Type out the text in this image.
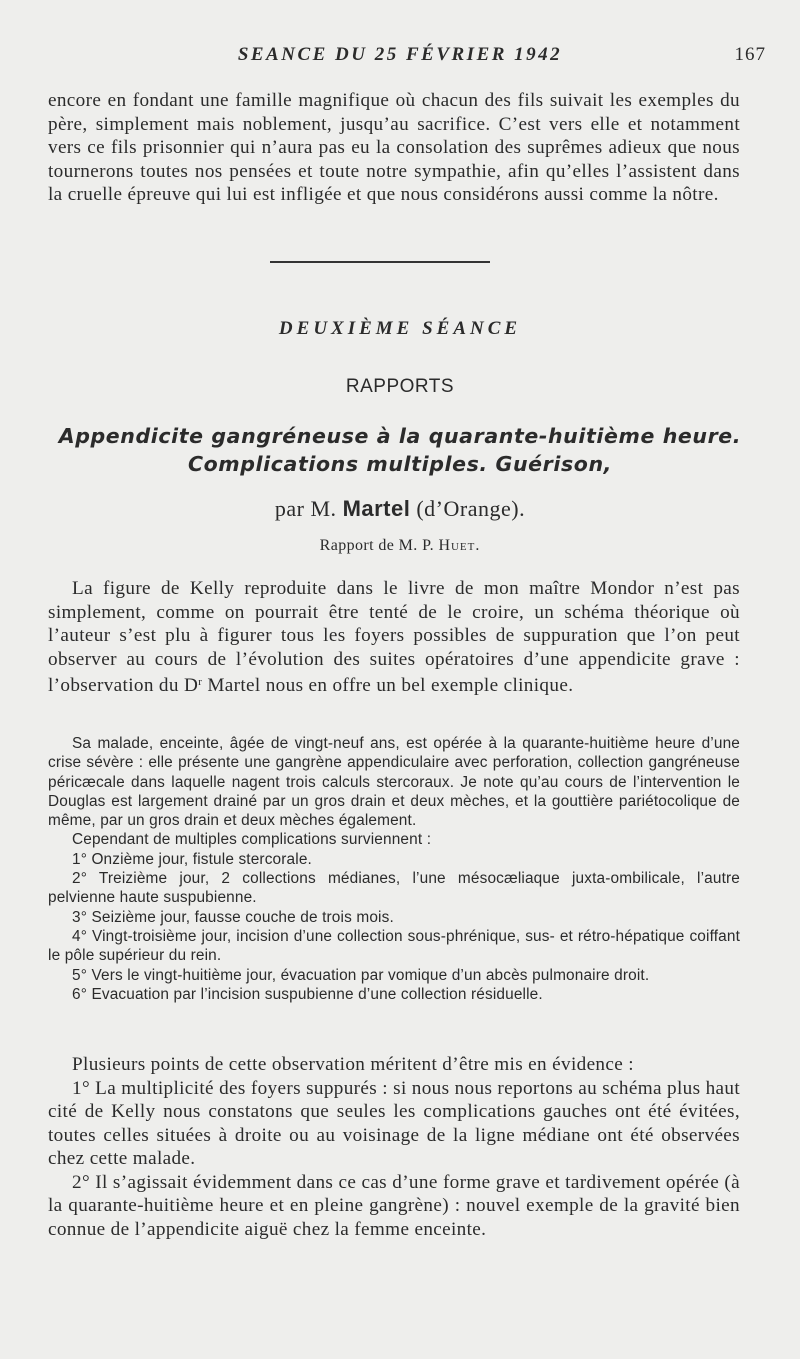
SEANCE DU 25 FÉVRIER 1942	167

encore en fondant une famille magnifique où chacun des fils suivait les exemples du père, simplement mais noblement, jusqu’au sacrifice. C’est vers elle et notamment vers ce fils prisonnier qui n’aura pas eu la consolation des suprêmes adieux que nous tournerons toutes nos pensées et toute notre sympathie, afin qu’elles l’assistent dans la cruelle épreuve qui lui est infligée et que nous considérons aussi comme la nôtre.

DEUXIÈME SÉANCE
RAPPORTS
Appendicite gangréneuse à la quarante-huitième heure.
Complications multiples. Guérison,
par M. Martel (d’Orange).
Rapport de M. P. Huet.

La figure de Kelly reproduite dans le livre de mon maître Mondor n’est pas simplement, comme on pourrait être tenté de le croire, un schéma théorique où l’auteur s’est plu à figurer tous les foyers possibles de suppuration que l’on peut observer au cours de l’évolution des suites opératoires d’une appendicite grave : l’observation du $D^r$ Martel nous en offre un bel exemple clinique.

Sa malade, enceinte, âgée de vingt-neuf ans, est opérée à la quarante-huitième heure d’une crise sévère : elle présente une gangrène appendiculaire avec perforation, collection gangréneuse péricæcale dans laquelle nagent trois calculs stercoraux. Je note qu’au cours de l’intervention le Douglas est largement drainé par un gros drain et deux mèches, et la gouttière pariétocolique de même, par un gros drain et deux mèches également.

Cependant de multiples complications surviennent :

1° Onzième jour, fistule stercorale.

2° Treizième jour, 2 collections médianes, l’une mésocæliaque juxta-ombilicale, l’autre pelvienne haute suspubienne.

3° Seizième jour, fausse couche de trois mois.

4° Vingt-troisième jour, incision d’une collection sous-phrénique, sus- et rétro-hépatique coiffant le pôle supérieur du rein.

5° Vers le vingt-huitième jour, évacuation par vomique d’un abcès pulmonaire droit.

6° Evacuation par l’incision suspubienne d’une collection résiduelle.

Plusieurs points de cette observation méritent d’être mis en évidence :

1° La multiplicité des foyers suppurés : si nous nous reportons au schéma plus haut cité de Kelly nous constatons que seules les complications gauches ont été évitées, toutes celles situées à droite ou au voisinage de la ligne médiane ont été observées chez cette malade.

2° Il s’agissait évidemment dans ce cas d’une forme grave et tardivement opérée (à la quarante-huitième heure et en pleine gangrène) : nouvel exemple de la gravité bien connue de l’appendicite aiguë chez la femme enceinte.
